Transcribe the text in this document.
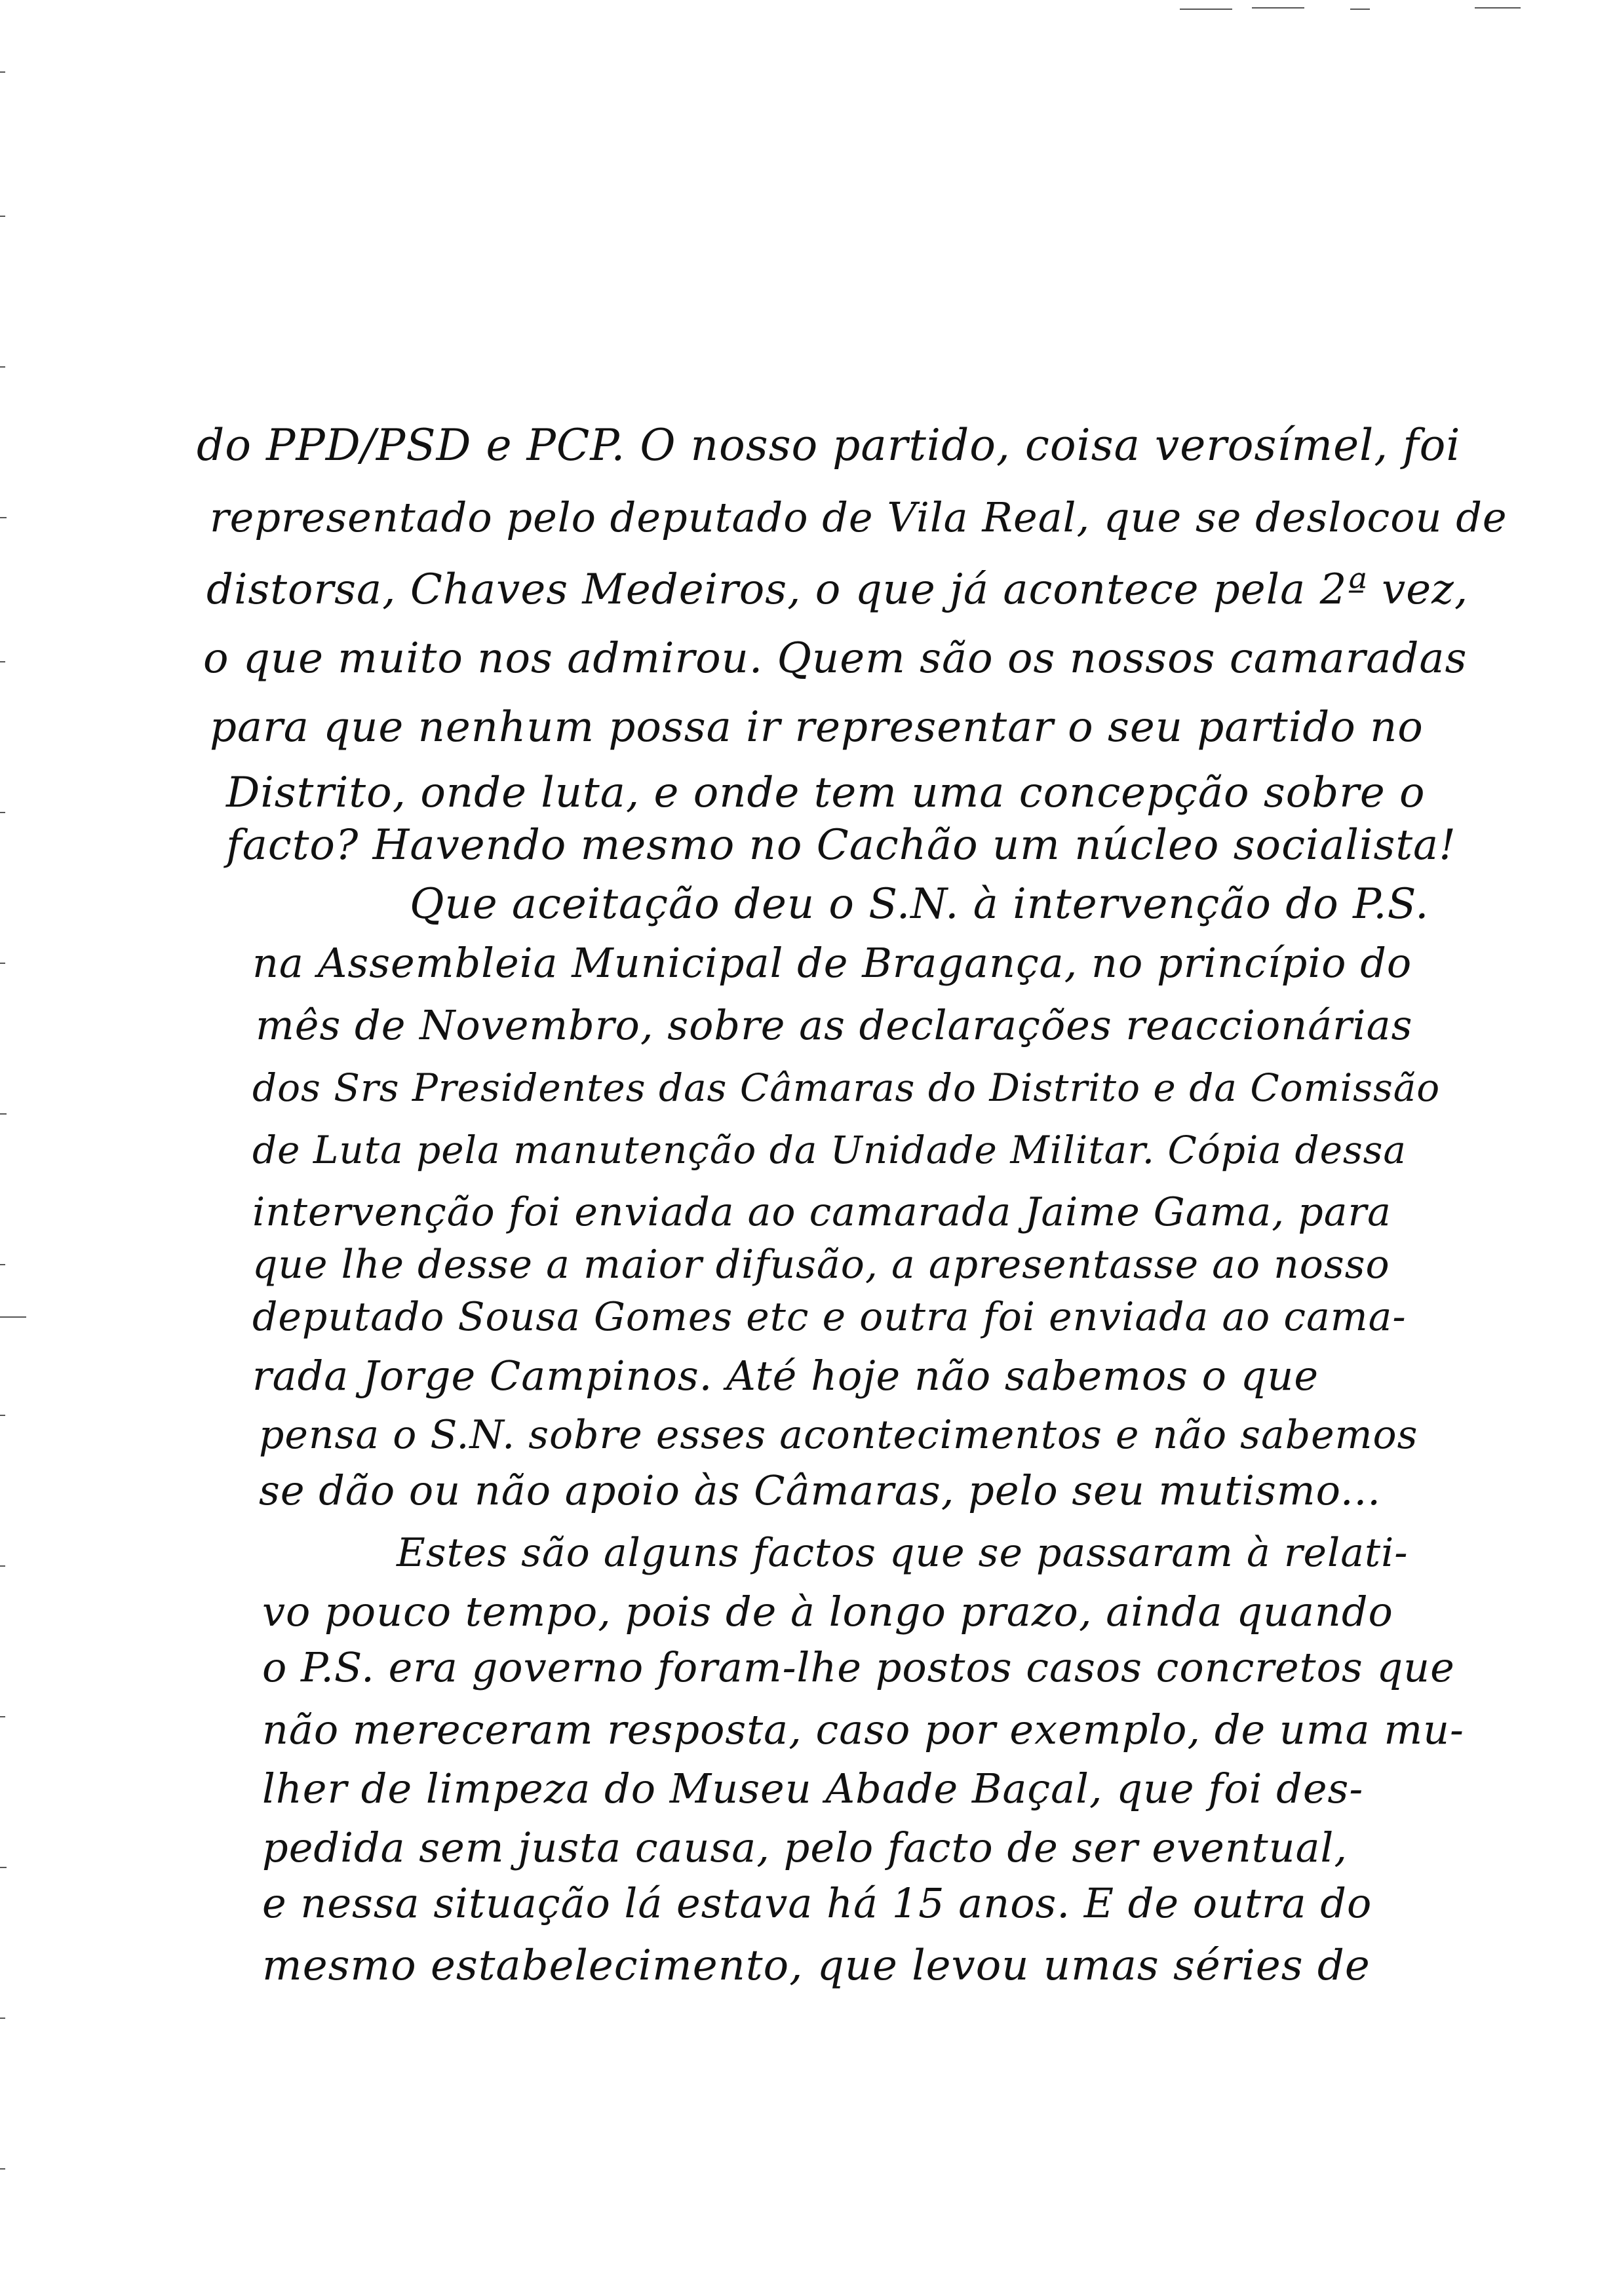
do PPD/PSD e PCP. O nosso partido, coisa verosímel, foi

representado pelo deputado de Vila Real, que se deslocou de

distorsa, Chaves Medeiros, o que já acontece pela 2ª vez,

o que muito nos admirou. Quem são os nossos camaradas

para que nenhum possa ir representar o seu partido no

Distrito, onde luta, e onde tem uma concepção sobre o

facto? Havendo mesmo no Cachão um núcleo socialista!

Que aceitação deu o S.N. à intervenção do P.S.

na Assembleia Municipal de Bragança, no princípio do

mês de Novembro, sobre as declarações reaccionárias

dos Srs Presidentes das Câmaras do Distrito e da Comissão

de Luta pela manutenção da Unidade Militar. Cópia dessa

intervenção foi enviada ao camarada Jaime Gama, para

que lhe desse a maior difusão, a apresentasse ao nosso

deputado Sousa Gomes etc e outra foi enviada ao cama-

rada Jorge Campinos. Até hoje não sabemos o que

pensa o S.N. sobre esses acontecimentos e não sabemos

se dão ou não apoio às Câmaras, pelo seu mutismo...

Estes são alguns factos que se passaram à relati-

vo pouco tempo, pois de à longo prazo, ainda quando

o P.S. era governo foram-lhe postos casos concretos que

não mereceram resposta, caso por exemplo, de uma mu-

lher de limpeza do Museu Abade Baçal, que foi des-

pedida sem justa causa, pelo facto de ser eventual,

e nessa situação lá estava há 15 anos. E de outra do

mesmo estabelecimento, que levou umas séries de
